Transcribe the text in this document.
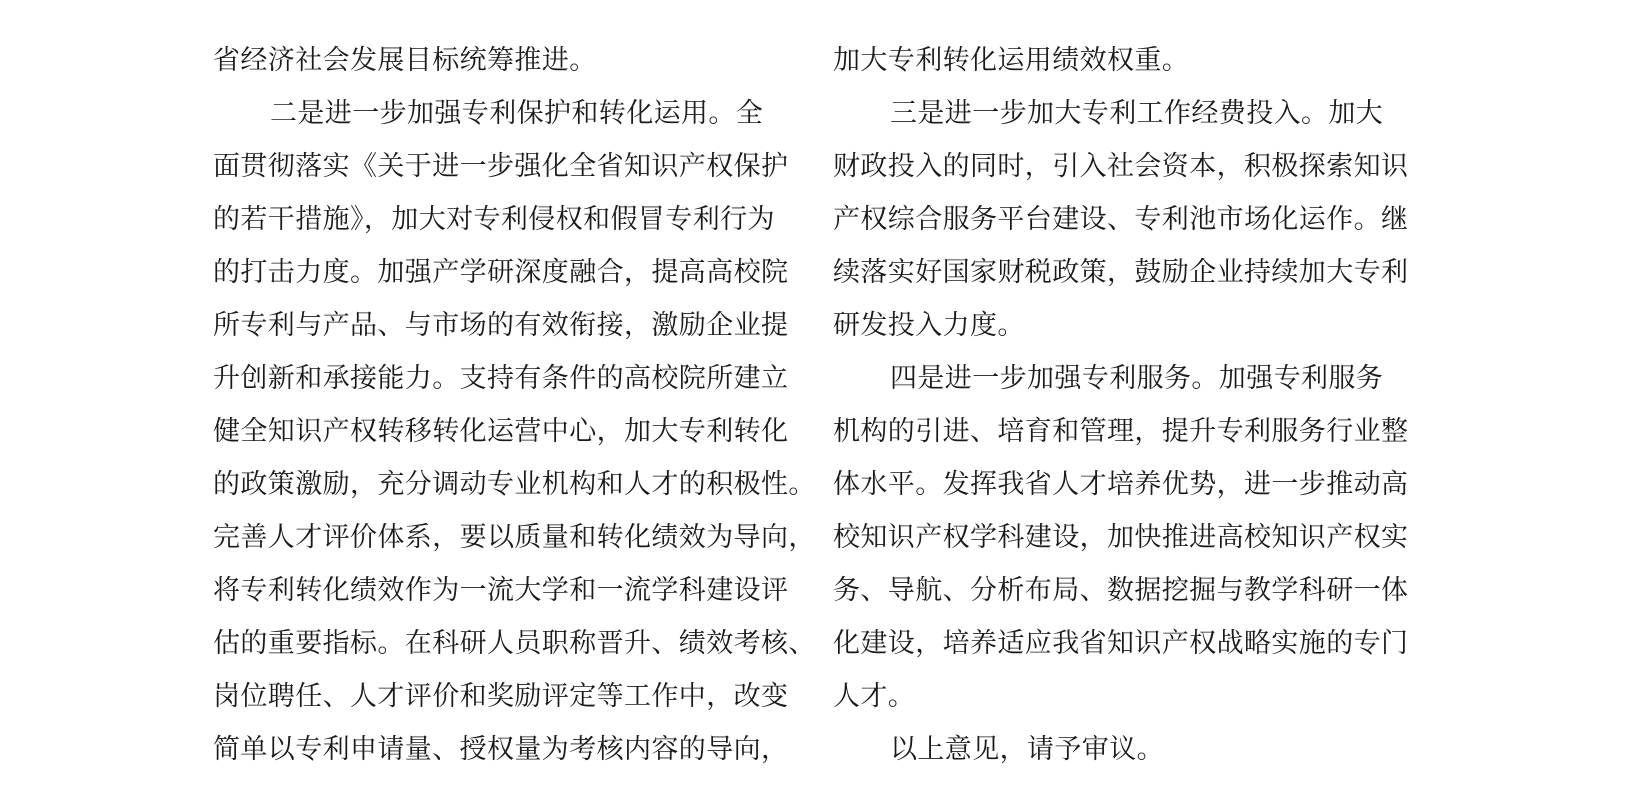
省经济社会发展目标统筹推进。
二是进一步加强专利保护和转化运用。全
面贯彻落实《关于进一步强化全省知识产权保护
的若干措施》，加大对专利侵权和假冒专利行为
的打击力度。加强产学研深度融合，提高高校院
所专利与产品、与市场的有效衔接，激励企业提
升创新和承接能力。支持有条件的高校院所建立
健全知识产权转移转化运营中心，加大专利转化
的政策激励，充分调动专业机构和人才的积极性。
完善人才评价体系，要以质量和转化绩效为导向，
将专利转化绩效作为一流大学和一流学科建设评
估的重要指标。在科研人员职称晋升、绩效考核、
岗位聘任、人才评价和奖励评定等工作中，改变
简单以专利申请量、授权量为考核内容的导向，
加大专利转化运用绩效权重。
三是进一步加大专利工作经费投入。加大
财政投入的同时，引入社会资本，积极探索知识
产权综合服务平台建设、专利池市场化运作。继
续落实好国家财税政策，鼓励企业持续加大专利
研发投入力度。
四是进一步加强专利服务。加强专利服务
机构的引进、培育和管理，提升专利服务行业整
体水平。发挥我省人才培养优势，进一步推动高
校知识产权学科建设，加快推进高校知识产权实
务、导航、分析布局、数据挖掘与教学科研一体
化建设，培养适应我省知识产权战略实施的专门
人才。
以上意见，请予审议。
